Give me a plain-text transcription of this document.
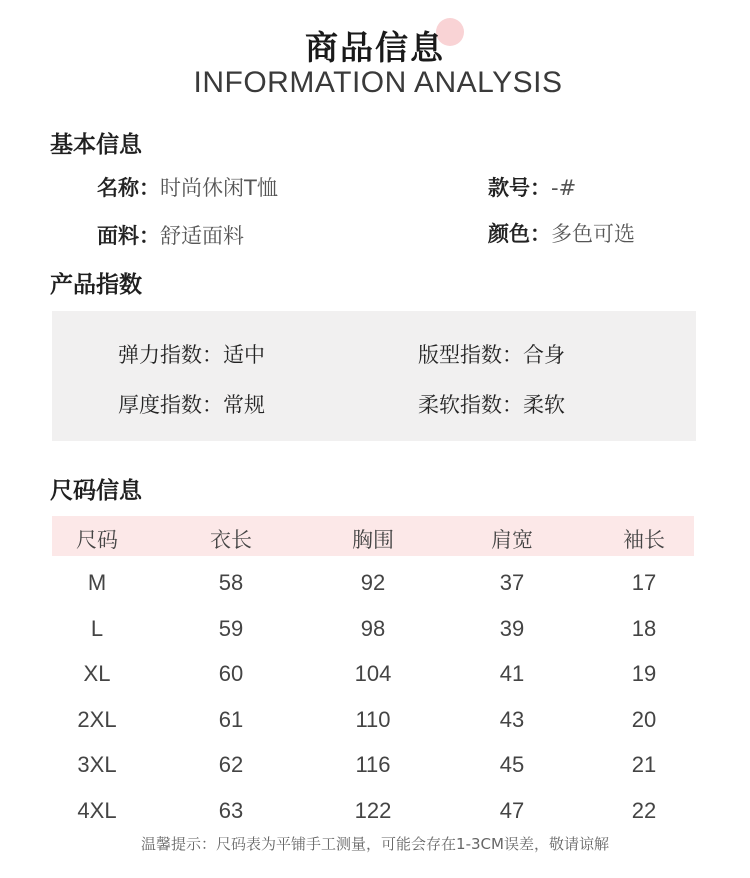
商品信息
INFORMATION ANALYSIS
基本信息
名称：时尚休闲T恤	款号：-#
面料：舒适面料	颜色：多色可选
产品指数
弹力指数：适中	版型指数：合身
厚度指数：常规	柔软指数：柔软
尺码信息
尺码	衣长	胸围	肩宽	袖长
M	58	92	37	17
L	59	98	39	18
XL	60	104	41	19
2XL	61	110	43	20
3XL	62	116	45	21
4XL	63	122	47	22
温馨提示：尺码表为平铺手工测量，可能会存在1-3CM误差，敬请谅解
